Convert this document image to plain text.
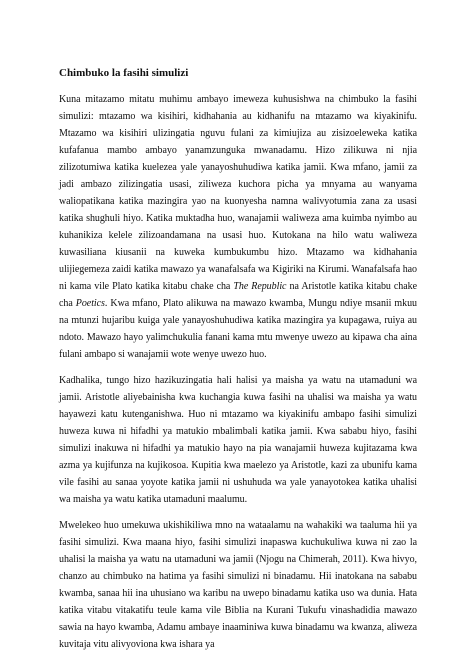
Chimbuko la fasihi simulizi

Kuna mitazamo mitatu muhimu ambayo imeweza kuhusishwa na chimbuko la fasihi simulizi: mtazamo wa kisihiri, kidhahania au kidhanifu na mtazamo wa kiyakinifu. Mtazamo wa kisihiri ulizingatia nguvu fulani za kimiujiza au zisizoeleweka katika kufafanua mambo ambayo yanamzunguka mwanadamu. Hizo zilikuwa ni njia zilizotumiwa katika kuelezea yale yanayoshuhudiwa katika jamii. Kwa mfano, jamii za jadi ambazo zilizingatia usasi, ziliweza kuchora picha ya mnyama au wanyama waliopatikana katika mazingira yao na kuonyesha namna walivyotumia zana za usasi katika shughuli hiyo. Katika muktadha huo, wanajamii waliweza ama kuimba nyimbo au kuhanikiza kelele zilizoandamana na usasi huo. Kutokana na hilo watu waliweza kuwasiliana kiusanii na kuweka kumbukumbu hizo. Mtazamo wa kidhahania ulijiegemeza zaidi katika mawazo ya wanafalsafa wa Kigiriki na Kirumi. Wanafalsafa hao ni kama vile Plato katika kitabu chake cha The Republic na Aristotle katika kitabu chake cha Poetics. Kwa mfano, Plato alikuwa na mawazo kwamba, Mungu ndiye msanii mkuu na mtunzi hujaribu kuiga yale yanayoshuhudiwa katika mazingira ya kupagawa, ruiya au ndoto. Mawazo hayo yalimchukulia fanani kama mtu mwenye uwezo au kipawa cha aina fulani ambapo si wanajamii wote wenye uwezo huo.

Kadhalika, tungo hizo hazikuzingatia hali halisi ya maisha ya watu na utamaduni wa jamii. Aristotle aliyebainisha kwa kuchangia kuwa fasihi na uhalisi wa maisha ya watu hayawezi katu kutenganishwa. Huo ni mtazamo wa kiyakinifu ambapo fasihi simulizi huweza kuwa ni hifadhi ya matukio mbalimbali katika jamii. Kwa sababu hiyo, fasihi simulizi inakuwa ni hifadhi ya matukio hayo na pia wanajamii huweza kujitazama kwa azma ya kujifunza na kujikosoa. Kupitia kwa maelezo ya Aristotle, kazi za ubunifu kama vile fasihi au sanaa yoyote katika jamii ni ushuhuda wa yale yanayotokea katika uhalisi wa maisha ya watu katika utamaduni maalumu.

Mwelekeo huo umekuwa ukishikiliwa mno na wataalamu na wahakiki wa taaluma hii ya fasihi simulizi. Kwa maana hiyo, fasihi simulizi inapaswa kuchukuliwa kuwa ni zao la uhalisi la maisha ya watu na utamaduni wa jamii (Njogu na Chimerah, 2011). Kwa hivyo, chanzo au chimbuko na hatima ya fasihi simulizi ni binadamu. Hii inatokana na sababu kwamba, sanaa hii ina uhusiano wa karibu na uwepo binadamu katika uso wa dunia. Hata katika vitabu vitakatifu teule kama vile Biblia na Kurani Tukufu vinashadidia mawazo sawia na hayo kwamba, Adamu ambaye inaaminiwa kuwa binadamu wa kwanza, aliweza kuvitaja vitu alivyoviona kwa ishara ya
